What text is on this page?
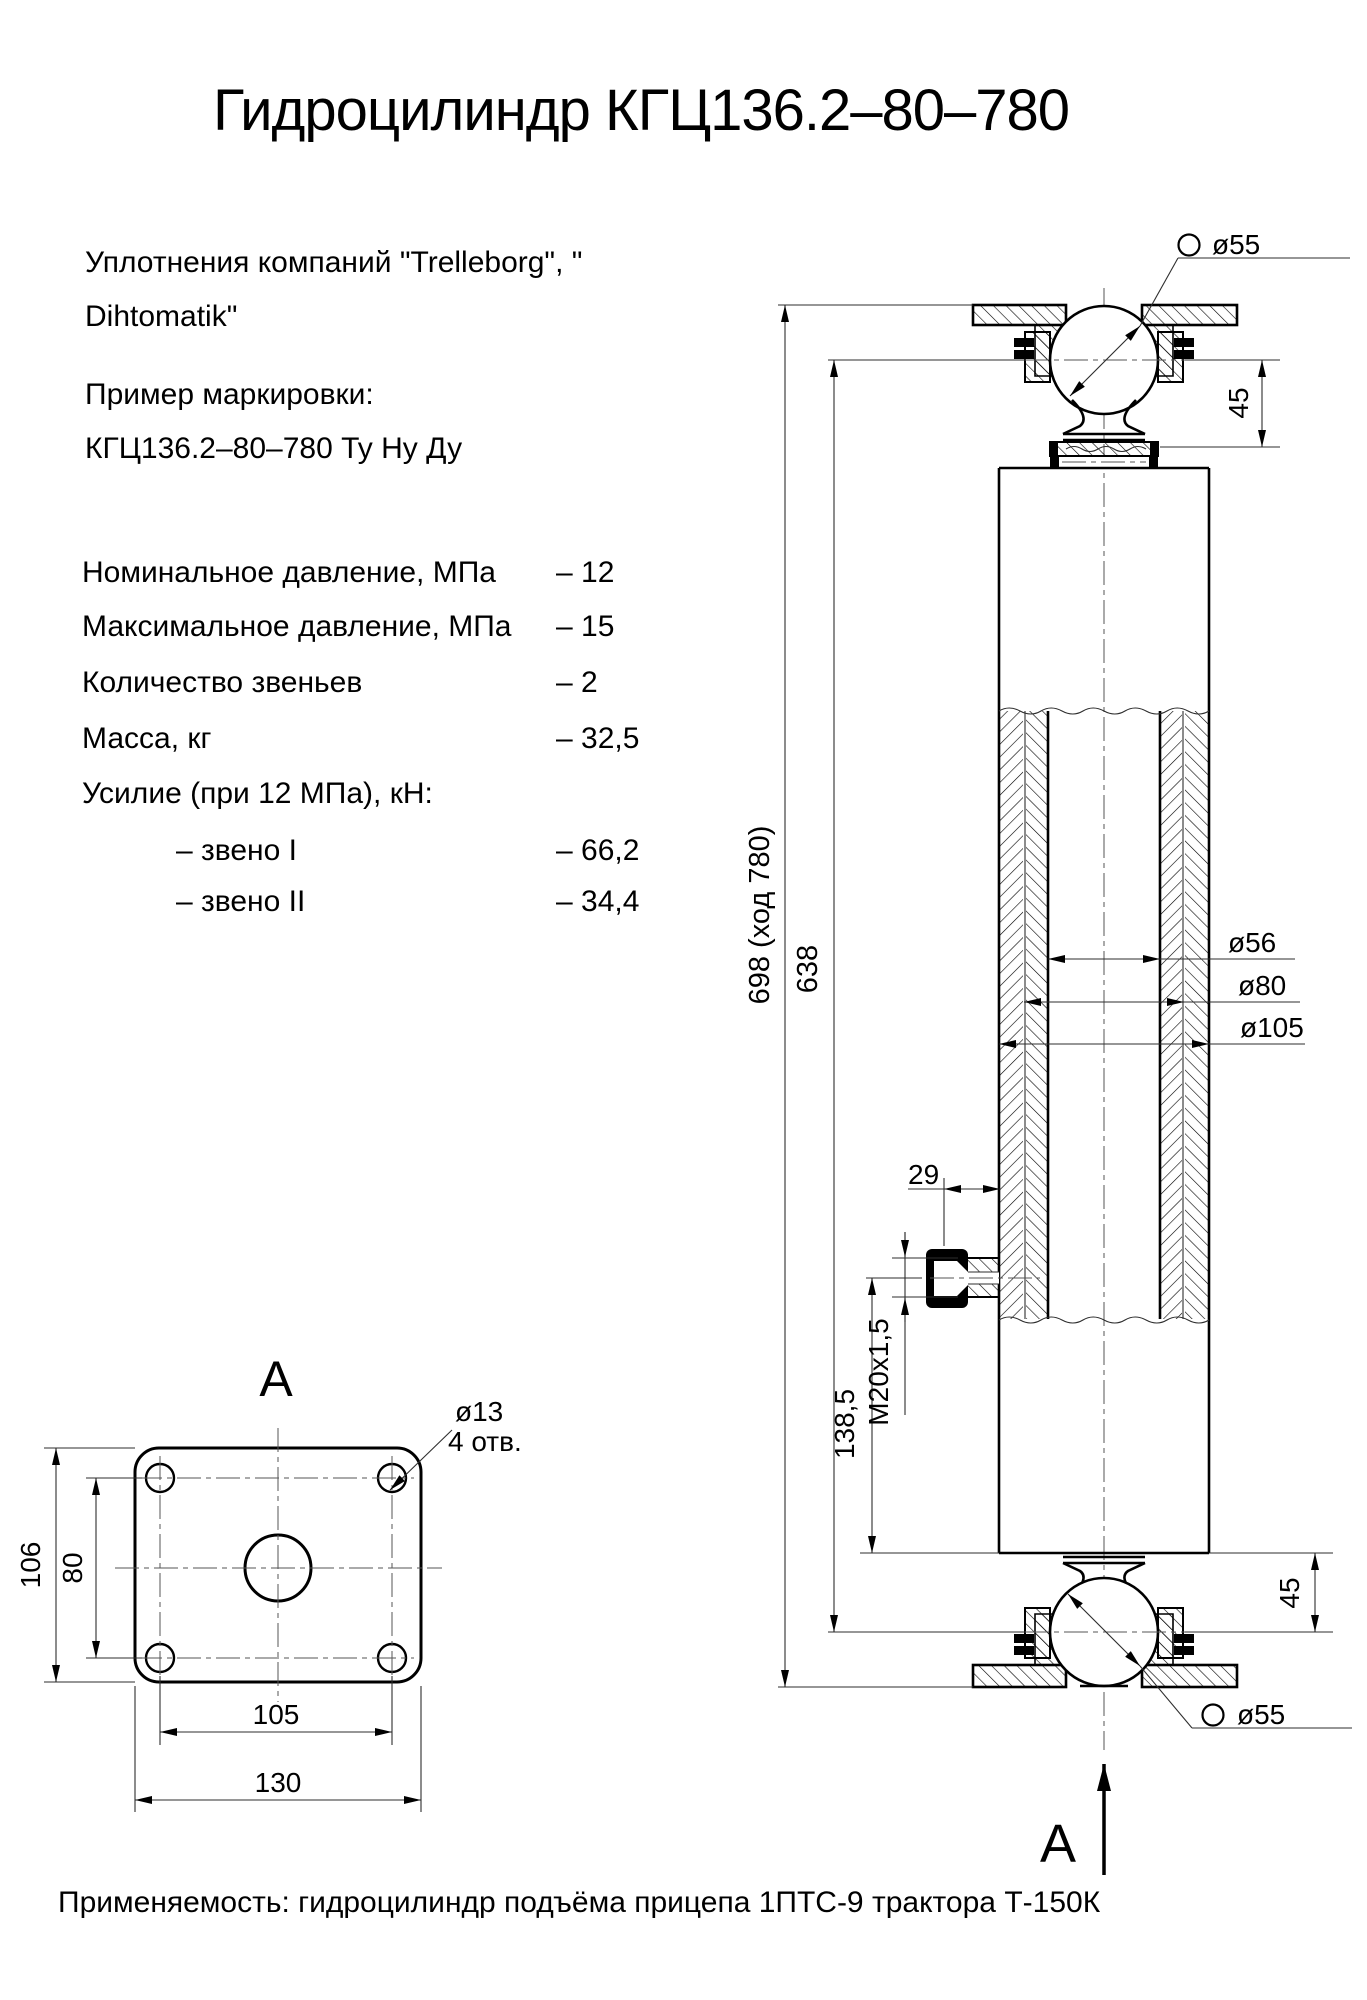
Гидроцилиндр КГЦ136.2–80–780
Уплотнения компаний "Trelleborg", "
Dihtomatik"
Пример маркировки:
КГЦ136.2–80–780 Ту Ну Ду
Номинальное давление, МПа – 12
Максимальное давление, МПа – 15
Количество звеньев	– 2
Масса, кг	– 32,5
Усилие (при 12 МПа), кН:
– звено I	– 66,2
– звено II	– 34,4
Применяемость: гидроцилиндр подъёма прицепа 1ПТС-9 трактора Т-150К
ø55
ø55
45
45
698 (ход 780) 638
ø56
ø80
ø105
29
М20х1,5
138,5
А
А
106 80
105
130
ø13
4 отв.
